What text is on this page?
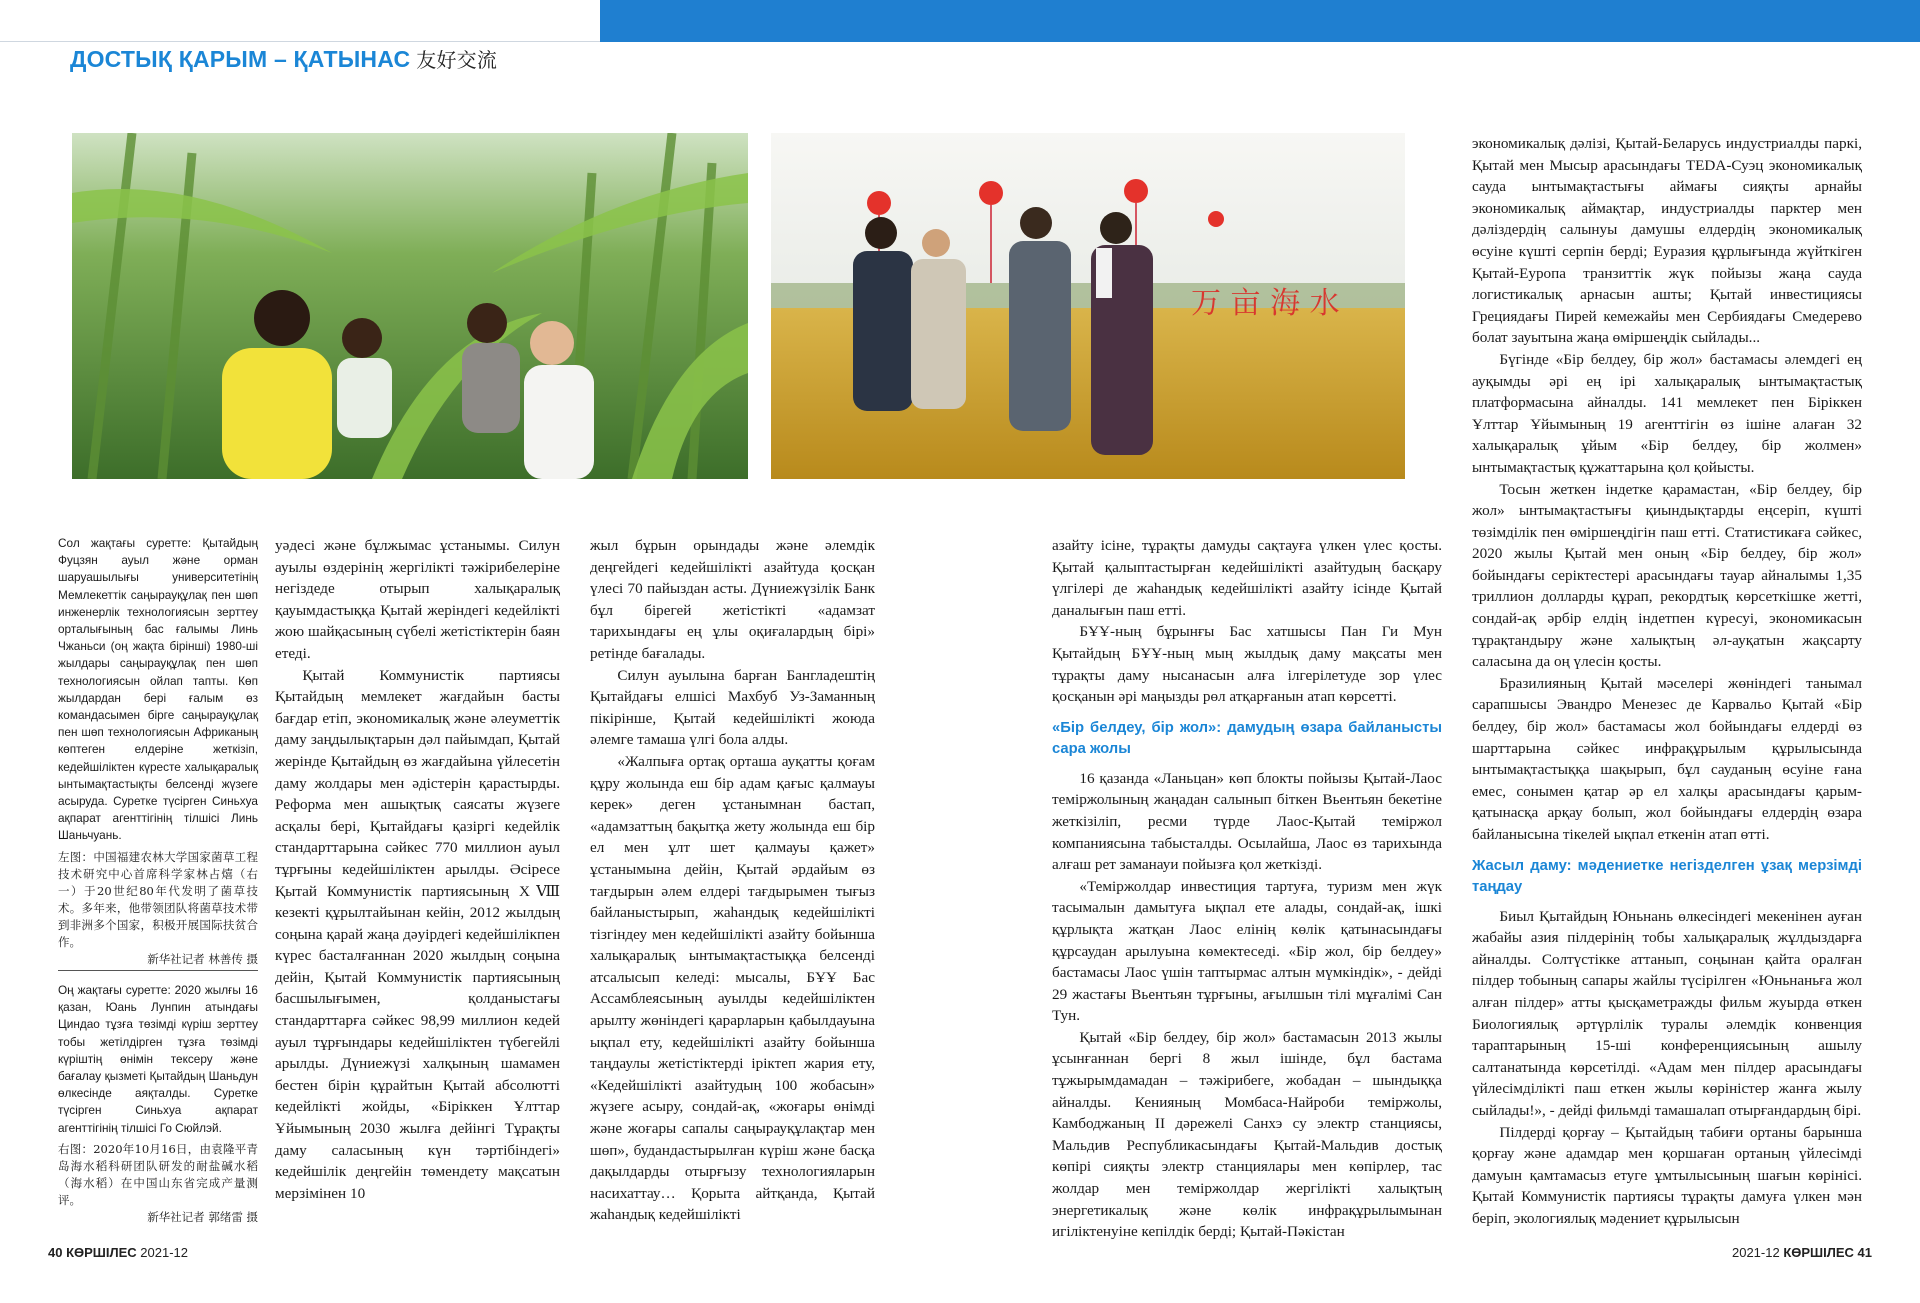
ДОСТЫҚ ҚАРЫМ – ҚАТЫНАС 友好交流
万 亩 海 水

Сол жақтағы суретте: Қытайдың Фуцзян ауыл және орман шаруашылығы университетінің Мемлекеттік саңырауқұлақ пен шөп инженерлік технологиясын зерттеу орталығының бас ғалымы Линь Чжаньси (оң жақта бірінші) 1980-ші жылдары саңырауқұлақ пен шөп технологиясын ойлап тапты. Көп жылдардан бері ғалым өз командасымен бірге саңырауқұлақ пен шөп технологиясын Африканың көптеген елдеріне жеткізіп, кедейшіліктен күресте халықаралық ынтымақтастықты белсенді жүзеге асыруда. Суретке түсірген Синьхуа ақпарат агенттігінің тілшісі Линь Шаньчуань.

左图：中国福建农林大学国家菌草工程技术研究中心首席科学家林占熺（右一）于20世纪80年代发明了菌草技术。多年来，他带领团队将菌草技术带到非洲多个国家，积极开展国际扶贫合作。

新华社记者 林善传 摄

Оң жақтағы суретте: 2020 жылғы 16 қазан, Юань Лунпин атындағы Циндао тұзға төзімді күріш зерттеу тобы жетілдірген тұзға төзімді күріштің өнімін тексеру және бағалау қызметі Қытайдың Шаньдун өлкесінде аяқталды. Суретке түсірген Синьхуа ақпарат агенттігінің тілшісі Го Сюйлэй.

右图：2020年10月16日，由袁隆平青岛海水稻科研团队研发的耐盐碱水稻（海水稻）在中国山东省完成产量测评。

新华社记者 郭绪雷 摄

уәдесі және бұлжымас ұстанымы. Силун ауылы өздерінің жергілікті тәжірибелеріне негіздеде отырып халықаралық қауымдастыққа Қытай жеріндегі кедейлікті жою шайқасының сүбелі жетістіктерін баян етеді.

Қытай Коммунистік партиясы Қытайдың мемлекет жағдайын басты бағдар етіп, экономикалық және әлеуметтік даму заңдылықтарын дәл пайымдап, Қытай жерінде Қытайдың өз жағдайына үйлесетін даму жолдары мен әдістерін қарастырды. Реформа мен ашықтық саясаты жүзеге асқалы бері, Қытайдағы қазіргі кедейлік стандарттарына сәйкес 770 миллион ауыл тұрғыны кедейшіліктен арылды. Әсіресе Қытай Коммунистік партиясының ХⅧ кезекті құрылтайынан кейін, 2012 жылдың соңына қарай жаңа дәуірдегі кедейшілікпен күрес басталғаннан 2020 жылдың соңына дейін, Қытай Коммунистік партиясының басшылығымен, қолданыстағы стандарттарға сәйкес 98,99 миллион кедей ауыл тұрғындары кедейшіліктен түбегейлі арылды. Дүниежүзі халқының шамамен бестен бірін құрайтын Қытай абсолютті кедейлікті жойды, «Біріккен Ұлттар Ұйымының 2030 жылға дейінгі Тұрақты даму саласының күн тәртібіндегі» кедейшілік деңгейін төмендету мақсатын мерзімінен 10

жыл бұрын орындады және әлемдік деңгейдегі кедейшілікті азайтуда қосқан үлесі 70 пайыздан асты. Дүниежүзілік Банк бұл бірегей жетістікті «адамзат тарихындағы ең ұлы оқиғалардың бірі» ретінде бағалады.

Силун ауылына барған Бангладештің Қытайдағы елшісі Махбуб Уз-Заманның пікірінше, Қытай кедейшілікті жоюда әлемге тамаша үлгі бола алды.

«Жалпыға ортақ орташа ауқатты қоғам құру жолында еш бір адам қағыс қалмауы керек» деген ұстанымнан бастап, «адамзаттың бақытқа жету жолында еш бір ел мен ұлт шет қалмауы қажет» ұстанымына дейін, Қытай әрдайым өз тағдырын әлем елдері тағдырымен тығыз байланыстырып, жаһандық кедейшілікті тізгіндеу мен кедейшілікті азайту бойынша халықаралық ынтымақтастыққа белсенді атсалысып келеді: мысалы, БҰҰ Бас Ассамблеясының ауылды кедейшіліктен арылту жөніндегі қарарларын қабылдауына ықпал ету, кедейшілікті азайту бойынша таңдаулы жетістіктерді іріктеп жария ету, «Кедейшілікті азайтудың 100 жобасын» жүзеге асыру, сондай-ақ, «жоғары өнімді және жоғары сапалы саңырауқұлақтар мен шөп», будандастырылған күріш және басқа дақылдарды отырғызу технологияларын насихаттау… Қорыта айтқанда, Қытай жаһандық кедейшілікті

азайту ісіне, тұрақты дамуды сақтауға үлкен үлес қосты. Қытай қалыптастырған кедейшілікті азайтудың басқару үлгілері де жаһандық кедейшілікті азайту ісінде Қытай даналығын паш етті.

БҰҰ-ның бұрынғы Бас хатшысы Пан Ги Мун Қытайдың БҰҰ-ның мың жылдық даму мақсаты мен тұрақты даму нысанасын алға ілгерілетуде зор үлес қосқанын әрі маңызды рөл атқарғанын атап көрсетті.

«Бір белдеу, бір жол»: дамудың өзара байланысты сара жолы

16 қазанда «Ланьцан» көп блокты пойызы Қытай-Лаос теміржолының жаңадан салынып біткен Вьентьян бекетіне жеткізіліп, ресми түрде Лаос-Қытай теміржол компаниясына табысталды. Осылайша, Лаос өз тарихында алғаш рет заманауи пойызға қол жеткізді.

«Теміржолдар инвестиция тартуға, туризм мен жүк тасымалын дамытуға ықпал ете алады, сондай-ақ, ішкі құрлықта жатқан Лаос елінің көлік қатынасындағы құрсаудан арылуына көмектеседі. «Бір жол, бір белдеу» бастамасы Лаос үшін таптырмас алтын мүмкіндік», - дейді 29 жастағы Вьентьян тұрғыны, ағылшын тілі мұғалімі Сан Тун.

Қытай «Бір белдеу, бір жол» бастамасын 2013 жылы ұсынғаннан бергі 8 жыл ішінде, бұл бастама тұжырымдамадан – тәжірибеге, жобадан – шындыққа айналды. Кенияның Момбаса-Найроби теміржолы, Камбоджаның ІІ дәрежелі Санхэ су электр станциясы, Мальдив Республикасындағы Қытай-Мальдив достық көпірі сияқты электр станциялары мен көпірлер, тас жолдар мен теміржолдар жергілікті халықтың энергетикалық және көлік инфрақұрылымынан игіліктенуіне кепілдік берді; Қытай-Пәкістан

экономикалық дәлізі, Қытай-Беларусь индустриалды паркі, Қытай мен Мысыр арасындағы TEDA-Суэц экономикалық сауда ынтымақтастығы аймағы сияқты арнайы экономикалық аймақтар, индустриалды парктер мен дәліздердің салынуы дамушы елдердің экономикалық өсуіне күшті серпін берді; Еуразия құрлығында жүйткіген Қытай-Еуропа транзиттік жүк пойызы жаңа сауда логистикалық арнасын ашты; Қытай инвестициясы Грециядағы Пирей кемежайы мен Сербиядағы Смедерево болат зауытына жаңа өміршеңдік сыйлады...

Бүгінде «Бір белдеу, бір жол» бастамасы әлемдегі ең ауқымды әрі ең ірі халықаралық ынтымақтастық платформасына айналды. 141 мемлекет пен Біріккен Ұлттар Ұйымының 19 агенттігін өз ішіне алаған 32 халықаралық ұйым «Бір белдеу, бір жолмен» ынтымақтастық құжаттарына қол қойысты.

Тосын жеткен індетке қарамастан, «Бір белдеу, бір жол» ынтымақтастығы қиындықтарды еңсеріп, күшті төзімділік пен өміршеңдігін паш етті. Статистикаға сәйкес, 2020 жылы Қытай мен оның «Бір белдеу, бір жол» бойындағы серіктестері арасындағы тауар айналымы 1,35 триллион долларды құрап, рекордтық көрсеткішке жетті, сондай-ақ әрбір елдің індетпен күресуі, экономикасын тұрақтандыру және халықтың әл-ауқатын жақсарту саласына да оң үлесін қосты.

Бразилияның Қытай мәселері жөніндегі танымал сарапшысы Эвандро Менезес де Карвальо Қытай «Бір белдеу, бір жол» бастамасы жол бойындағы елдерді өз шарттарына сәйкес инфрақұрылым құрылысында ынтымақтастыққа шақырып, бұл сауданың өсуіне ғана емес, сонымен қатар әр ел халқы арасындағы қарым-қатынасқа арқау болып, жол бойындағы елдердің өзара байланысына тікелей ықпал еткенін атап өтті.

Жасыл даму: мәдениетке негізделген ұзақ мерзімді таңдау

Биыл Қытайдың Юньнань өлкесіндегі мекенінен ауған жабайы азия пілдерінің тобы халықаралық жұлдыздарға айналды. Солтүстікке аттанып, соңынан қайта оралған пілдер тобының сапары жайлы түсірілген «Юньнаньға жол алған пілдер» атты қысқаметражды фильм жуырда өткен Биологиялық әртүрлілік туралы әлемдік конвенция тараптарының 15-ші конференциясының ашылу салтанатында көрсетілді. «Адам мен пілдер арасындағы үйлесімділікті паш еткен жылы көріністер жанға жылу сыйлады!», - дейді фильмді тамашалап отырғандардың бірі.

Пілдерді қорғау – Қытайдың табиғи ортаны барынша қорғау және адамдар мен қоршаған ортаның үйлесімді дамуын қамтамасыз етуге ұмтылысының шағын көрінісі. Қытай Коммунистік партиясы тұрақты дамуға үлкен мән беріп, экологиялық мәдениет құрылысын

40 КӨРШІЛЕС 2021-12	2021-12 КӨРШІЛЕС 41
